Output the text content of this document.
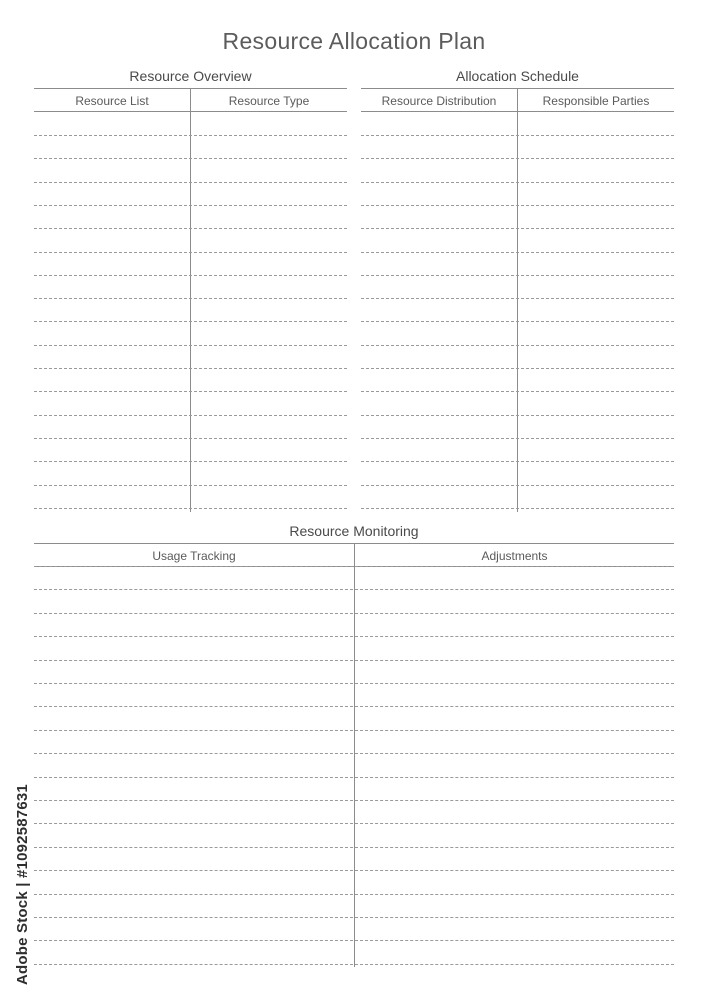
Resource Allocation Plan
Resource Overview
Resource List	Resource Type
Allocation Schedule
Resource Distribution	Responsible Parties
Resource Monitoring
Usage Tracking	Adjustments
Adobe Stock | #1092587631
